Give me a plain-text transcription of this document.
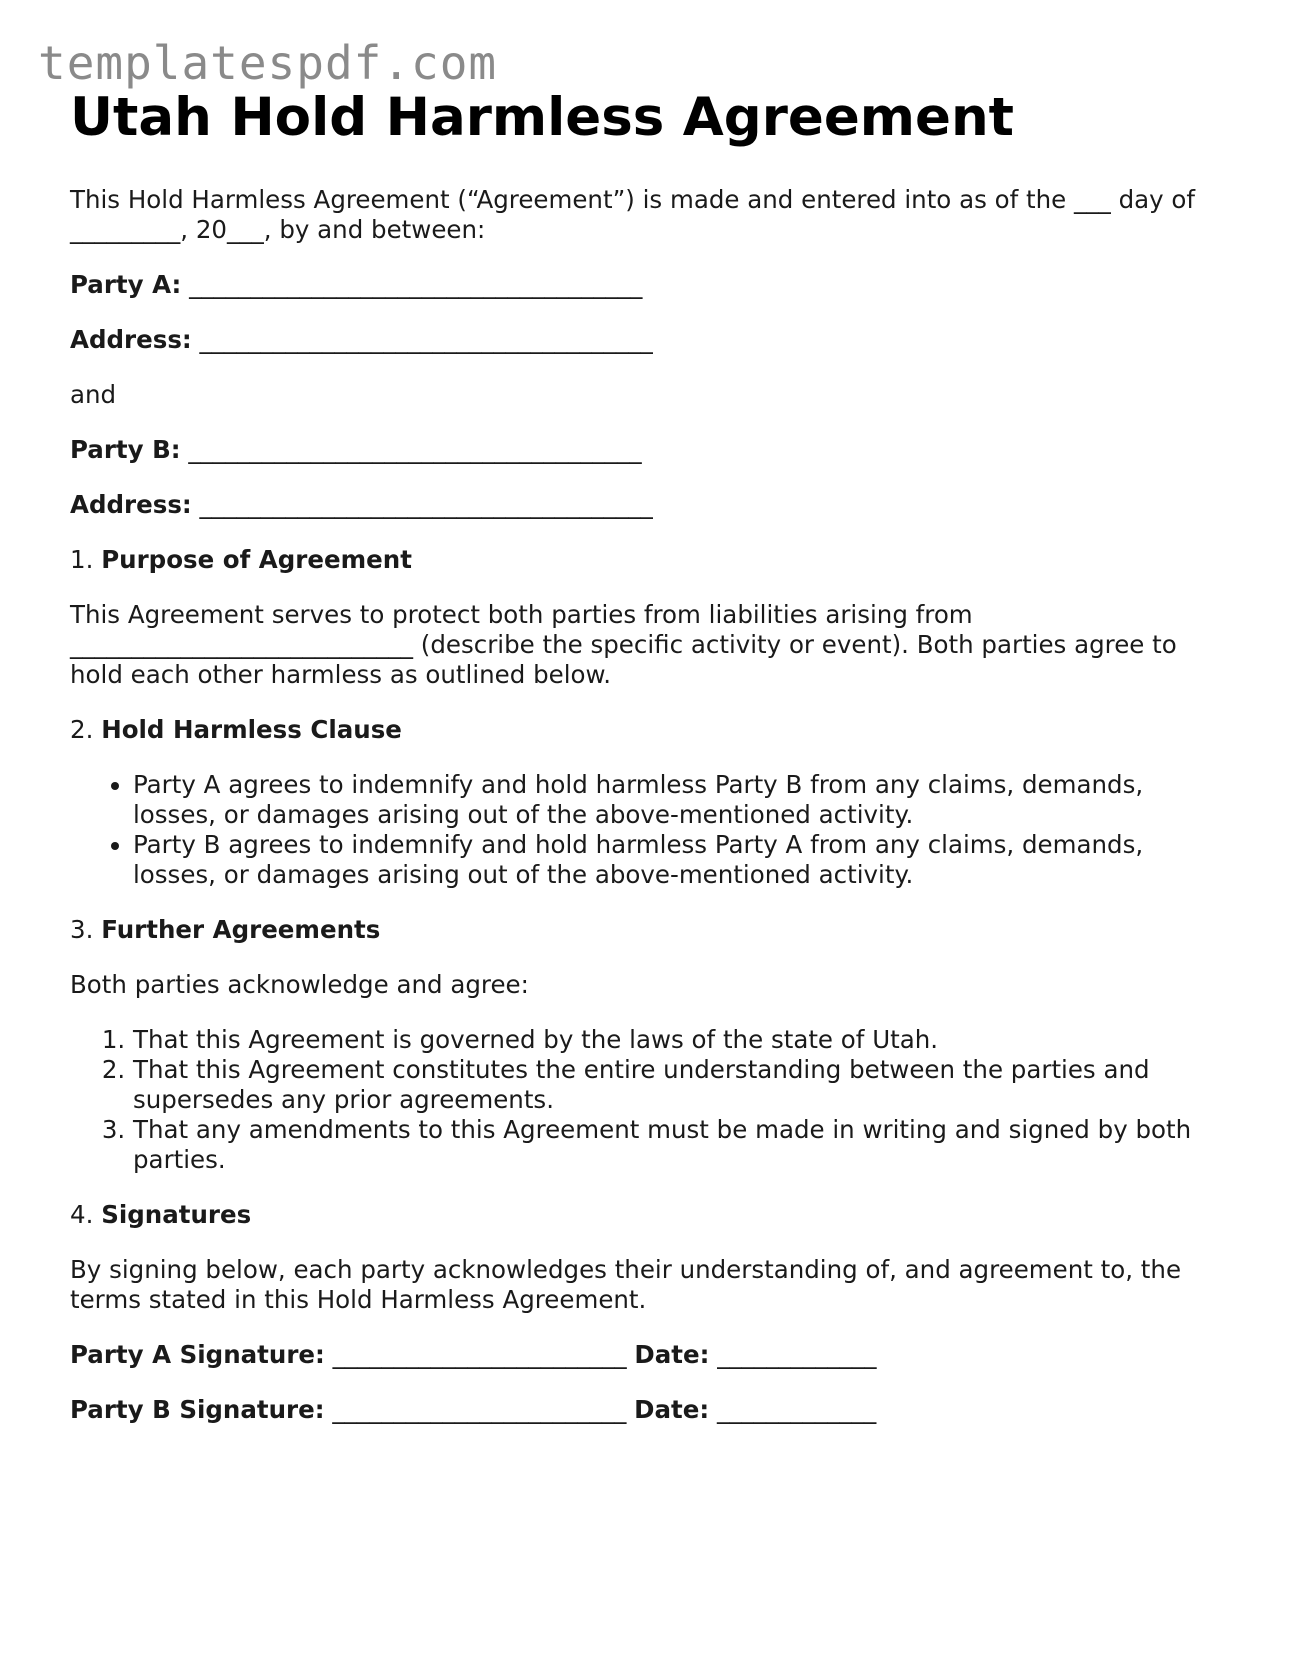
templatespdf.com
Utah Hold Harmless Agreement

This Hold Harmless Agreement (“Agreement”) is made and entered into as of the ___ day of _________, 20___, by and between:

Party A: _____________________________________

Address: _____________________________________

and

Party B: _____________________________________

Address: _____________________________________

1. Purpose of Agreement

This Agreement serves to protect both parties from liabilities arising from ____________________________ (describe the specific activity or event). Both parties agree to hold each other harmless as outlined below.

2. Hold Harmless Clause
• Party A agrees to indemnify and hold harmless Party B from any claims, demands, losses, or damages arising out of the above-mentioned activity.
• Party B agrees to indemnify and hold harmless Party A from any claims, demands, losses, or damages arising out of the above-mentioned activity.
3. Further Agreements

Both parties acknowledge and agree:

1. That this Agreement is governed by the laws of the state of Utah.
2. That this Agreement constitutes the entire understanding between the parties and supersedes any prior agreements.
3. That any amendments to this Agreement must be made in writing and signed by both parties.
4. Signatures

By signing below, each party acknowledges their understanding of, and agreement to, the terms stated in this Hold Harmless Agreement.

Party A Signature: ________________________ Date: _____________

Party B Signature: ________________________ Date: _____________
